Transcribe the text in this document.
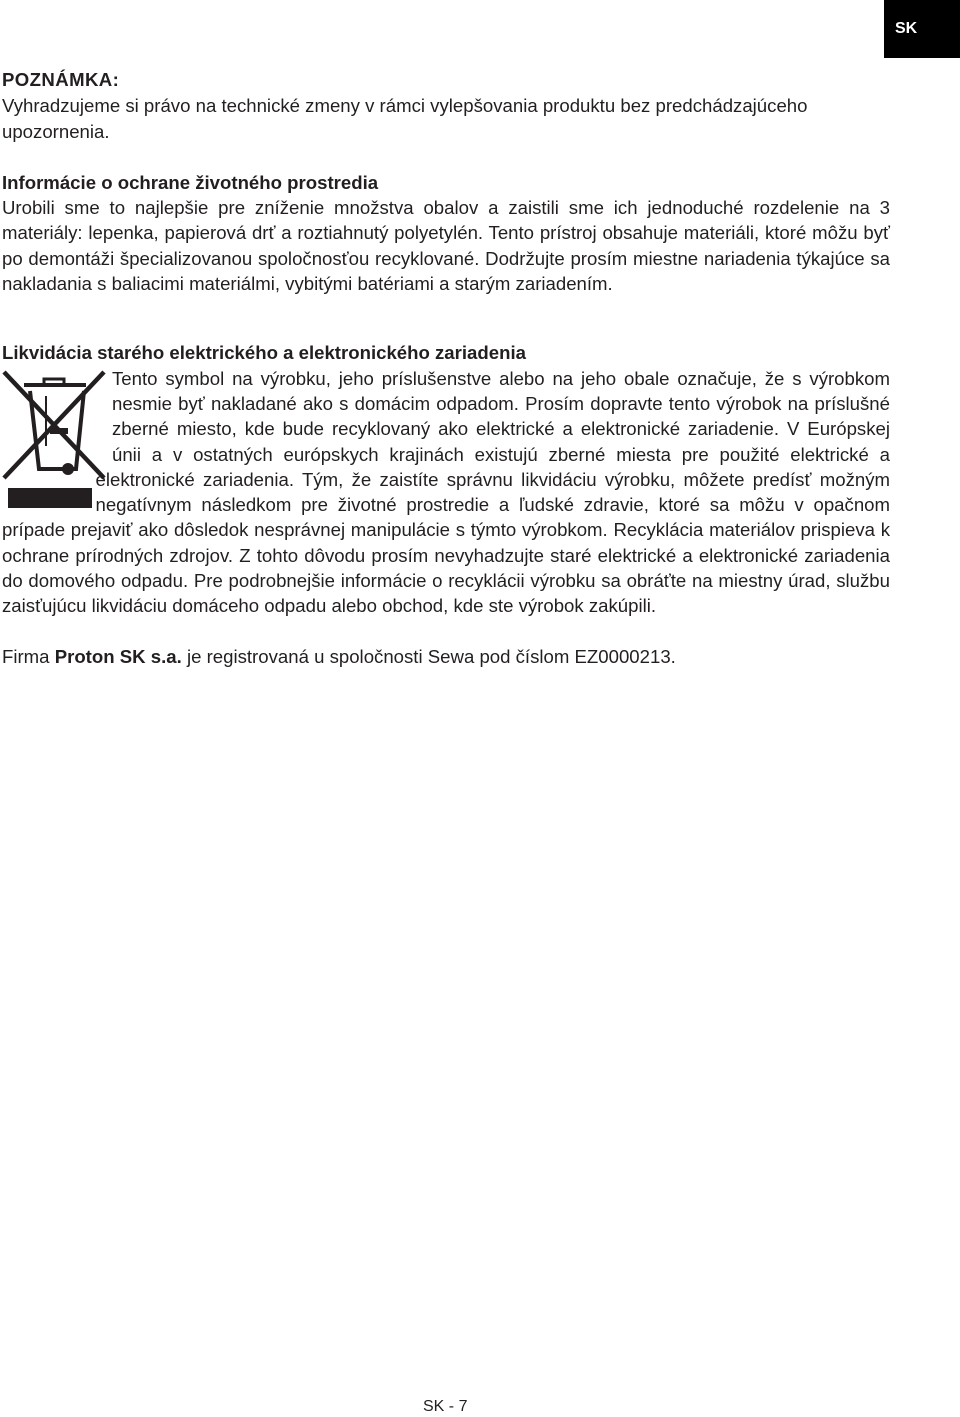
SK

POZNÁMKA:

Vyhradzujeme si právo na technické zmeny v rámci vylepšovania produktu bez predchádzajúceho upozornenia.

Informácie o ochrane životného prostredia

Urobili sme to najlepšie pre zníženie množstva obalov a zaistili sme ich jednoduché rozdelenie na 3 materiály: lepenka, papierová drť a roztiahnutý polyetylén. Tento prístroj obsahuje materiáli, ktoré môžu byť po demontáži špecializovanou spoločnosťou recyklované. Dodržujte prosím miestne nariadenia týkajúce sa nakladania s baliacimi materiálmi, vybitými batériami a starým zariadením.

Likvidácia starého elektrického a elektronického zariadenia

Tento symbol na výrobku, jeho príslušenstve alebo na jeho obale označuje, že s výrobkom nesmie byť nakladané ako s domácim odpadom. Prosím dopravte tento výrobok na príslušné zberné miesto, kde bude recyklovaný ako elektrické a elektronické zariadenie. V Európskej únii a v ostatných európskych krajinách existujú zberné miesta pre použité elektrické a elektronické zariadenia. Tým, že zaistíte správnu likvidáciu výrobku, môžete predísť možným negatívnym následkom pre životné prostredie a ľudské zdravie, ktoré sa môžu v opačnom prípade prejaviť ako dôsledok nesprávnej manipulácie s týmto výrobkom. Recyklácia materiálov prispieva k ochrane prírodných zdrojov. Z tohto dôvodu prosím nevyhadzujte staré elektrické a elektronické zariadenia do domového odpadu. Pre podrobnejšie informácie o recyklácii výrobku sa obráťte na miestny úrad, službu zaisťujúcu likvidáciu domáceho odpadu alebo obchod, kde ste výrobok zakúpili.

Firma Proton SK s.a. je registrovaná u spoločnosti Sewa pod číslom EZ0000213.

SK - 7
